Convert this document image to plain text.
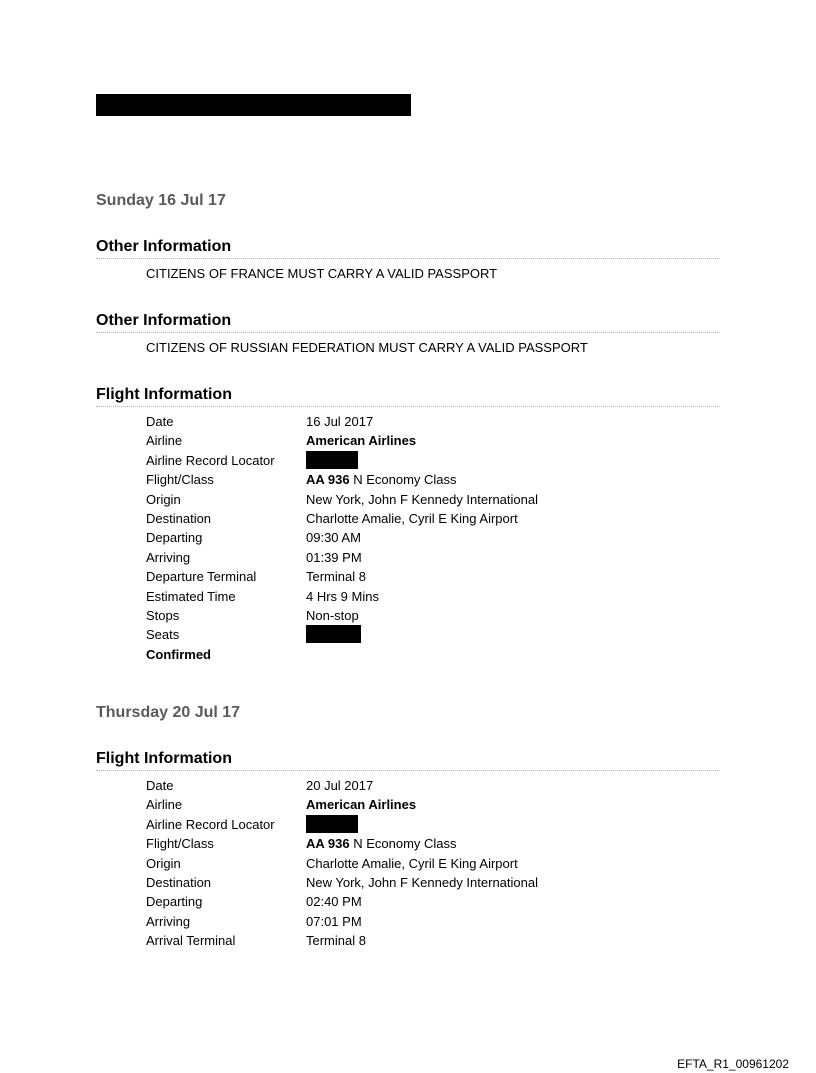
Sunday 16 Jul 17
Other Information
CITIZENS OF FRANCE MUST CARRY A VALID PASSPORT
Other Information
CITIZENS OF RUSSIAN FEDERATION MUST CARRY A VALID PASSPORT
Flight Information
Date	16 Jul 2017
Airline	American Airlines
Airline Record Locator
Flight/Class	AA 936 N Economy Class
Origin	New York, John F Kennedy International
Destination	Charlotte Amalie, Cyril E King Airport
Departing	09:30 AM
Arriving	01:39 PM
Departure Terminal	Terminal 8
Estimated Time	4 Hrs 9 Mins
Stops	Non-stop
Seats
Confirmed
Thursday 20 Jul 17
Flight Information
Date	20 Jul 2017
Airline	American Airlines
Airline Record Locator
Flight/Class	AA 936 N Economy Class
Origin	Charlotte Amalie, Cyril E King Airport
Destination	New York, John F Kennedy International
Departing	02:40 PM
Arriving	07:01 PM
Arrival Terminal	Terminal 8
EFTA_R1_00961202
